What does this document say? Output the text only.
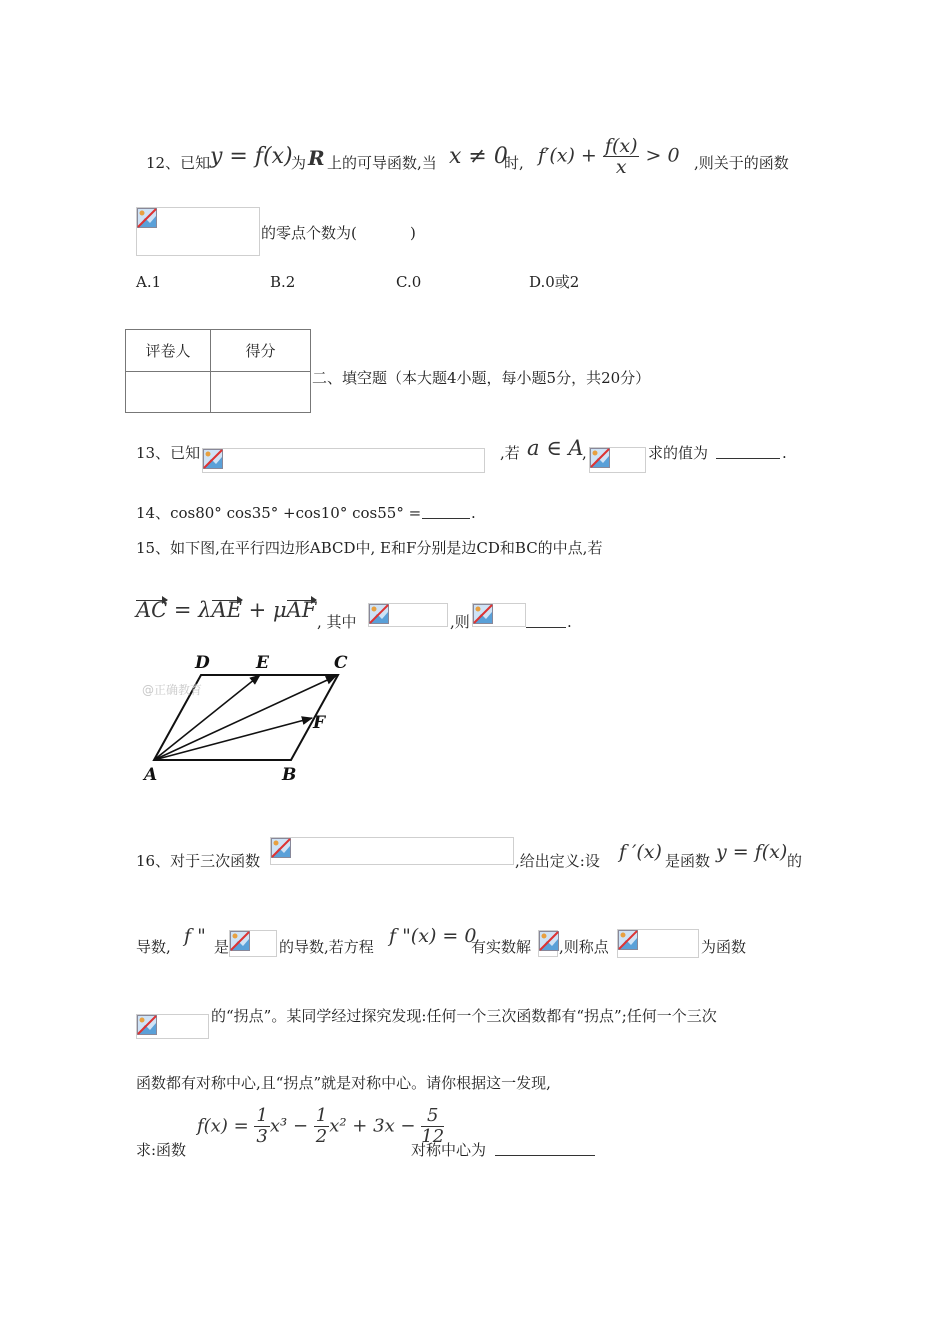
12、已知 y = f(x)
为 R 上的可导函数,当 x ≠ 0
时, $f'(x) + \frac{f(x)}{x} > 0$ ,则关于的函数
的零点个数为(	)
A.1	B.2	C.0	D.0或2
评卷人	得分

二、填空题（本大题4小题，每小题5分，共20分）
13、已知	,若 a ∈ A
,	求的值为	.
14、cos80° cos35° +cos10° cos55° =	.
15、如下图,在平行四边形ABCD中, E和F分别是边CD和BC的中点,若
AC = λAE + μAF , 其中	,则	.
@正确教育
D	E	C
F
A	B
16、对于三次函数	,给出定义:设 f ′(x) 是函数 y = f(x) 的
导数, f " 是	的导数,若方程 f "(x) = 0
有实数解 ,则称点	为函数
的“拐点”。某同学经过探究发现:任何一个三次函数都有“拐点”;任何一个三次
函数都有对称中心,且“拐点”就是对称中心。请你根据这一发现,
求:函数
$f(x) = \frac{1}{3} x^3 - \frac{1}{2} x^2 + 3x - \frac{5}{12}$
对称中心为
